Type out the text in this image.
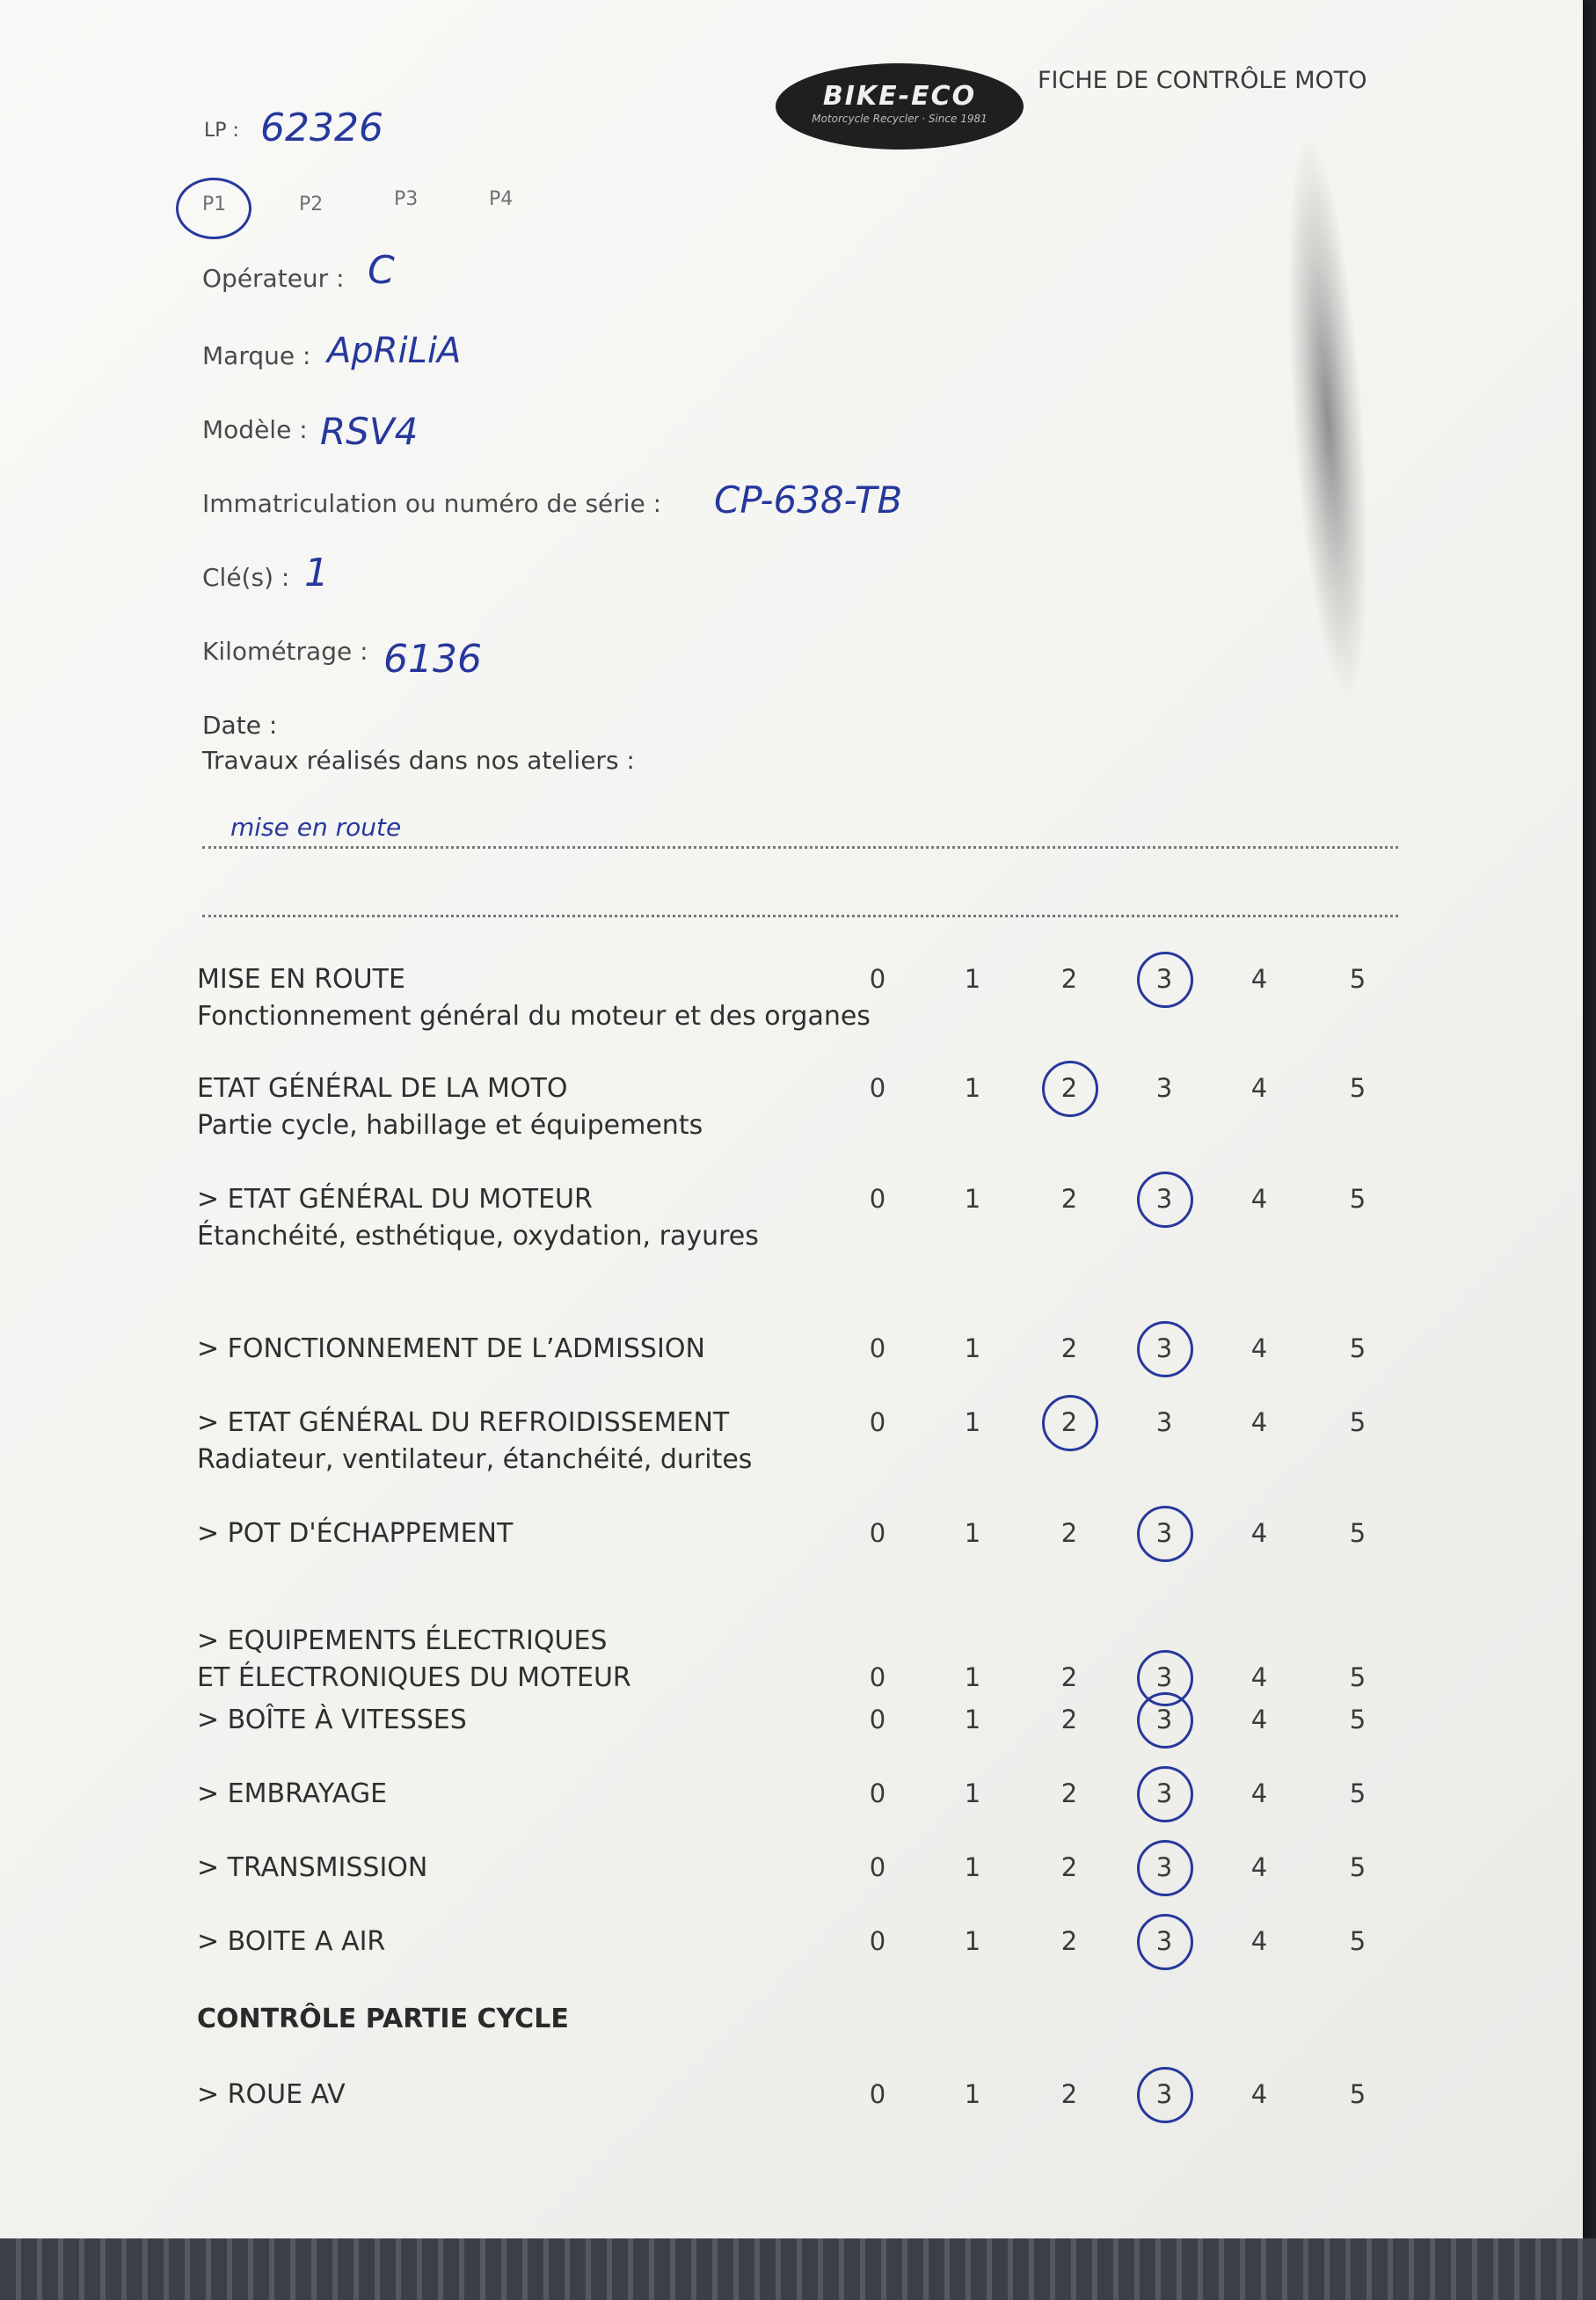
BIKE-ECO
Motorcycle Recycler · Since 1981
FICHE DE CONTRÔLE MOTO
LP : 62326
P1	P2	P3	P4
Opérateur : C
Marque : ApRiLiA
Modèle : RSV4
Immatriculation ou numéro de série : CP-638-TB
Clé(s) : 1
Kilométrage : 6136
Date :
Travaux réalisés dans nos ateliers :
mise en route
MISE EN ROUTE
Fonctionnement général du moteur et des organes
0	1	2	3	4	5
ETAT GÉNÉRAL DE LA MOTO
Partie cycle, habillage et équipements
0	1	2	3	4	5
> ETAT GÉNÉRAL DU MOTEUR
Étanchéité, esthétique, oxydation, rayures
0	1	2	3	4	5
> FONCTIONNEMENT DE L’ADMISSION	0	1	2	3	4	5
> ETAT GÉNÉRAL DU REFROIDISSEMENT
Radiateur, ventilateur, étanchéité, durites
0	1	2	3	4	5
> POT D'ÉCHAPPEMENT	0	1	2	3	4	5
> EQUIPEMENTS ÉLECTRIQUES
ET ÉLECTRONIQUES DU MOTEUR	0	1	2	3	4	5
> BOÎTE À VITESSES	0	1	2	3	4	5
> EMBRAYAGE	0	1	2	3	4	5
> TRANSMISSION	0	1	2	3	4	5
> BOITE A AIR	0	1	2	3	4	5
> ROUE AV	0	1	2	3	4	5
CONTRÔLE PARTIE CYCLE
